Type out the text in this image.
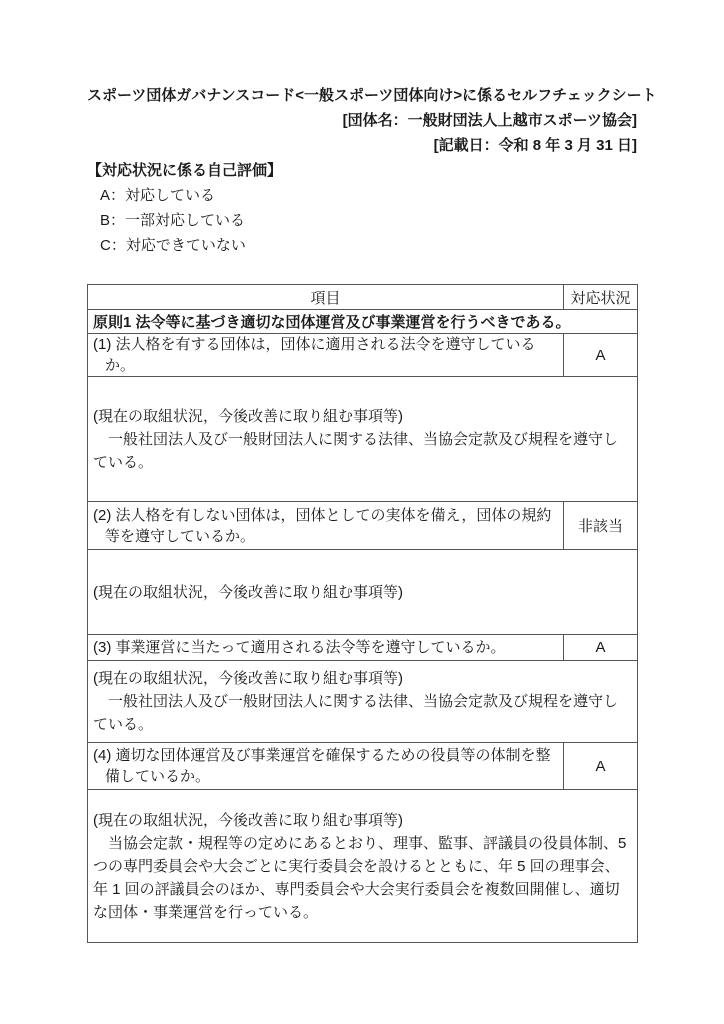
スポーツ団体ガバナンスコード<一般スポーツ団体向け>に係るセルフチェックシート
[団体名：一般財団法人上越市スポーツ協会]
[記載日：令和 8 年 3 月 31 日]
【対応状況に係る自己評価】
A：対応している
B：一部対応している
C：対応できていない
項目	対応状況
原則1 法令等に基づき適切な団体運営及び事業運営を行うべきである。	

(1) 法人格を有する団体は，団体に適用される法令を遵守しているか。	A

(現在の取組状況，今後改善に取り組む事項等)

　一般社団法人及び一般財団法人に関する法律、当協会定款及び規程を遵守している。	

(2) 法人格を有しない団体は，団体としての実体を備え，団体の規約等を遵守しているか。	非該当

(現在の取組状況，今後改善に取り組む事項等)	

(3) 事業運営に当たって適用される法令等を遵守しているか。	A

(現在の取組状況，今後改善に取り組む事項等)

　一般社団法人及び一般財団法人に関する法律、当協会定款及び規程を遵守している。	

(4) 適切な団体運営及び事業運営を確保するための役員等の体制を整備しているか。	A

(現在の取組状況，今後改善に取り組む事項等)

　当協会定款・規程等の定めにあるとおり、理事、監事、評議員の役員体制、5 つの専門委員会や大会ごとに実行委員会を設けるとともに、年 5 回の理事会、年 1 回の評議員会のほか、専門委員会や大会実行委員会を複数回開催し、適切な団体・事業運営を行っている。	
